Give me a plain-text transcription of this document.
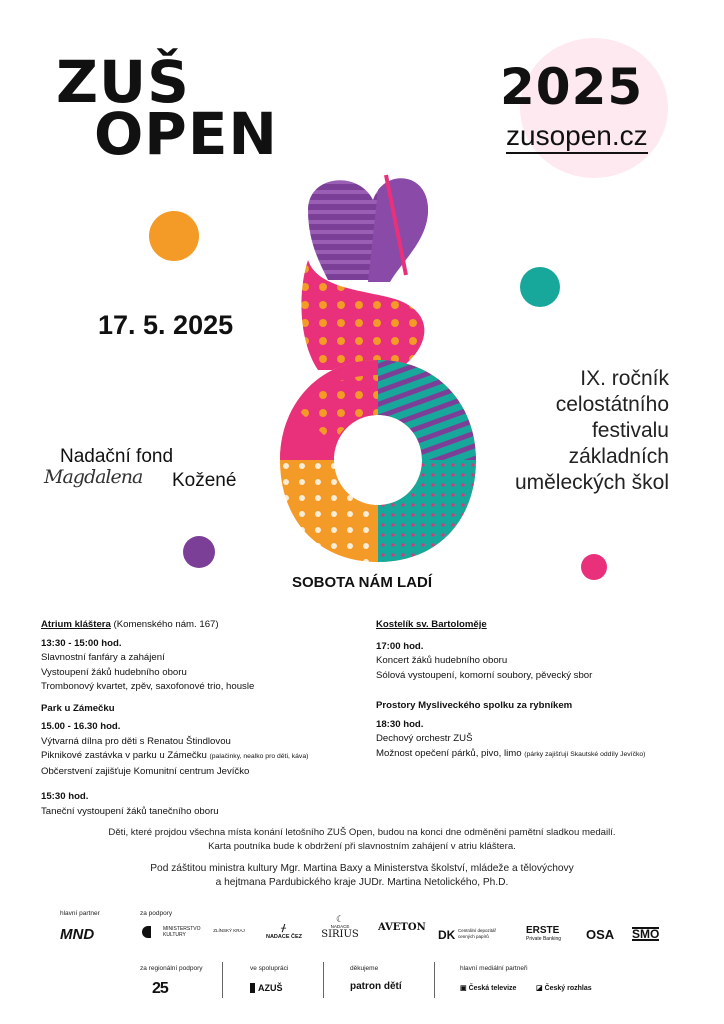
ZUŠ
OPEN
2025
zusopen.cz
17. 5. 2025
Nadační fond
Magdalena Kožené
IX. ročník
celostátního
festivalu
základních
uměleckých škol
SOBOTA NÁM LADÍ
Atrium kláštera (Komenského nám. 167)
13:30 - 15:00 hod.
Slavnostní fanfáry a zahájení
Vystoupení žáků hudebního oboru
Trombonový kvartet, zpěv, saxofonové trio, housle
Park u Zámečku
15.00 - 16.30 hod.
Výtvarná dílna pro děti s Renatou Štindlovou
Piknikové zastávka v parku u Zámečku (palačinky, nealko pro děti, káva)
Občerstvení zajišťuje Komunitní centrum Jevíčko
15:30 hod.
Taneční vystoupení žáků tanečního oboru
Kostelík sv. Bartoloměje
17:00 hod.
Koncert žáků hudebního oboru
Sólová vystoupení, komorní soubory, pěvecký sbor
Prostory Mysliveckého spolku za rybníkem
18:30 hod.
Dechový orchestr ZUŠ
Možnost opečení párků, pivo, limo (párky zajišťují Skautské oddíly Jevíčko)
Děti, které projdou všechna místa konání letošního ZUŠ Open, budou na konci dne odměněni pamětní sladkou medailí.
Karta poutníka bude k obdržení při slavnostním zahájení v atriu kláštera.
Pod záštitou ministra kultury Mgr. Martina Baxy a Ministerstva školství, mládeže a tělovýchovy
a hejtmana Pardubického kraje JUDr. Martina Netolického, Ph.D.
hlavní partner	za podpory
MND	MINISTERSTVO KULTURY
ZLÍNSKÝ KRAJ	ᚋ
NADACE ČEZ
☾
NADACE
SIRIUS
AVETON
DK Centrální depozitář cenných papírů	ERSTE
Private Banking OSA SMO
za regionální podpory	ve spolupráci	děkujeme	hlavní mediální partneři
25	AZUŠ	patron dětí	▣ Česká televize	◪ Český rozhlas
